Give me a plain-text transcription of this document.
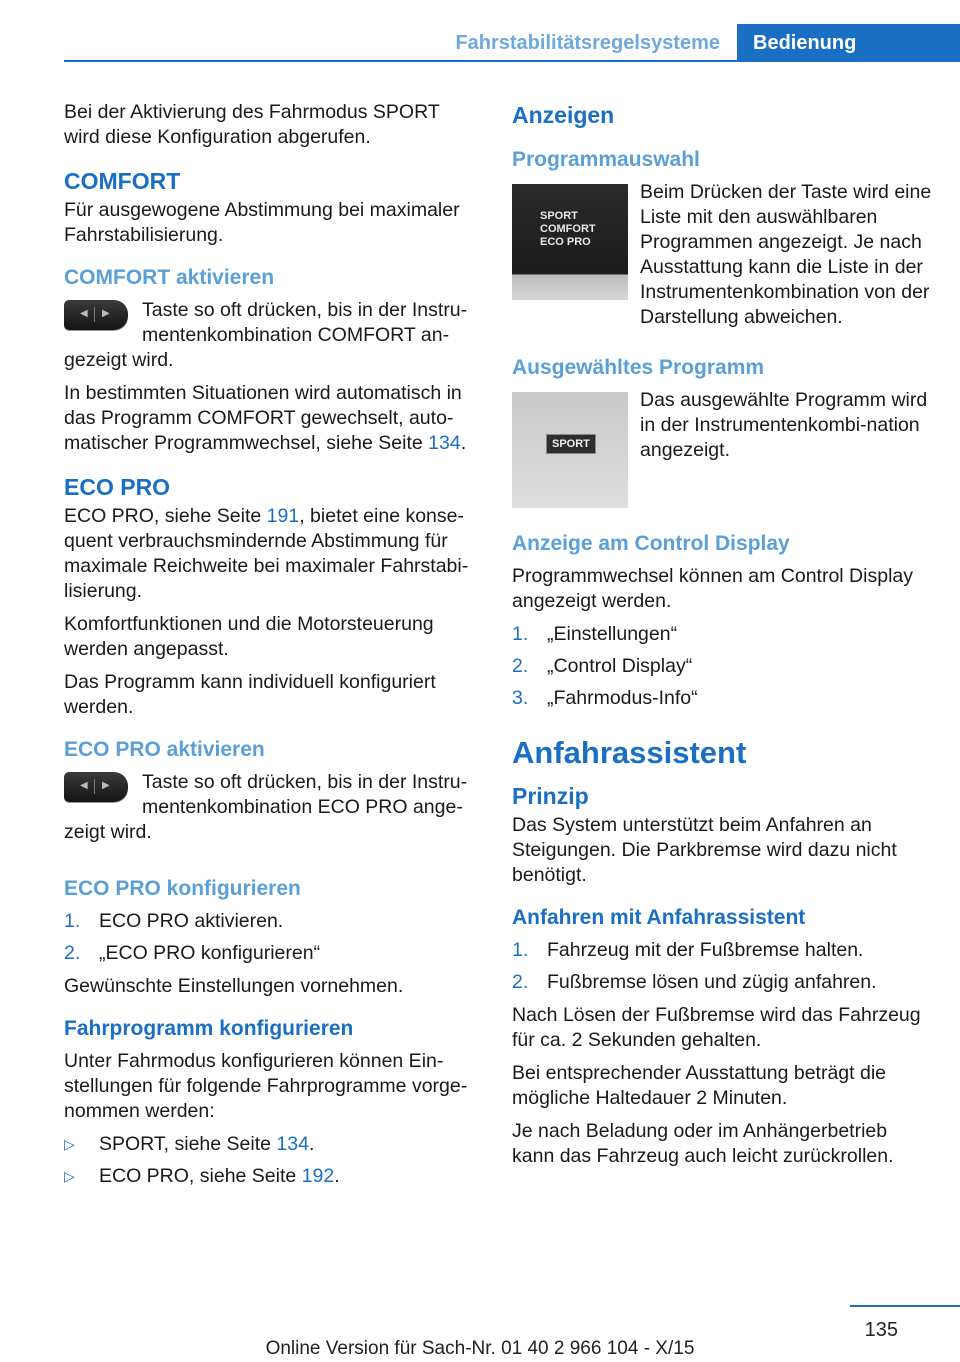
Fahrstabilitätsregelsysteme	Bedienung

Bei der Aktivierung des Fahrmodus SPORT wird diese Konfiguration abgerufen.

COMFORT

Für ausgewogene Abstimmung bei maximaler Fahrstabilisierung.

COMFORT aktivieren
◀ ▶	Taste so oft drücken, bis in der Instru‐mentenkombination COMFORT an‐gezeigt wird.

In bestimmten Situationen wird automatisch in das Programm COMFORT gewechselt, auto‐matischer Programmwechsel, siehe Seite 134.

ECO PRO

ECO PRO, siehe Seite 191, bietet eine konse‐quent verbrauchsmindernde Abstimmung für maximale Reichweite bei maximaler Fahrstabi‐lisierung.

Komfortfunktionen und die Motorsteuerung werden angepasst.

Das Programm kann individuell konfiguriert werden.

ECO PRO aktivieren
◀ ▶	Taste so oft drücken, bis in der Instru‐mentenkombination ECO PRO ange‐zeigt wird.

ECO PRO konfigurieren
1. ECO PRO aktivieren.
2. „ECO PRO konfigurieren“

Gewünschte Einstellungen vornehmen.

Fahrprogramm konfigurieren

Unter Fahrmodus konfigurieren können Ein‐stellungen für folgende Fahrprogramme vorge‐nommen werden:

▷ SPORT, siehe Seite 134.
▷ ECO PRO, siehe Seite 192.
Anzeigen
Programmauswahl
SPORT
COMFORT
ECO PRO

Beim Drücken der Taste wird eine Liste mit den auswählbaren Programmen angezeigt. Je nach Ausstattung kann die Liste in der Instrumentenkombination von der Darstellung abweichen.

Ausgewähltes Programm
SPORT

Das ausgewählte Programm wird in der Instrumentenkombi‐nation angezeigt.

Anzeige am Control Display

Programmwechsel können am Control Display angezeigt werden.

1. „Einstellungen“
2. „Control Display“
3. „Fahrmodus-Info“
Anfahrassistent
Prinzip

Das System unterstützt beim Anfahren an Steigungen. Die Parkbremse wird dazu nicht benötigt.

Anfahren mit Anfahrassistent
1. Fahrzeug mit der Fußbremse halten.
2. Fußbremse lösen und zügig anfahren.

Nach Lösen der Fußbremse wird das Fahrzeug für ca. 2 Sekunden gehalten.

Bei entsprechender Ausstattung beträgt die mögliche Haltedauer 2 Minuten.

Je nach Beladung oder im Anhängerbetrieb kann das Fahrzeug auch leicht zurückrollen.

135
Online Version für Sach-Nr. 01 40 2 966 104 - X/15
